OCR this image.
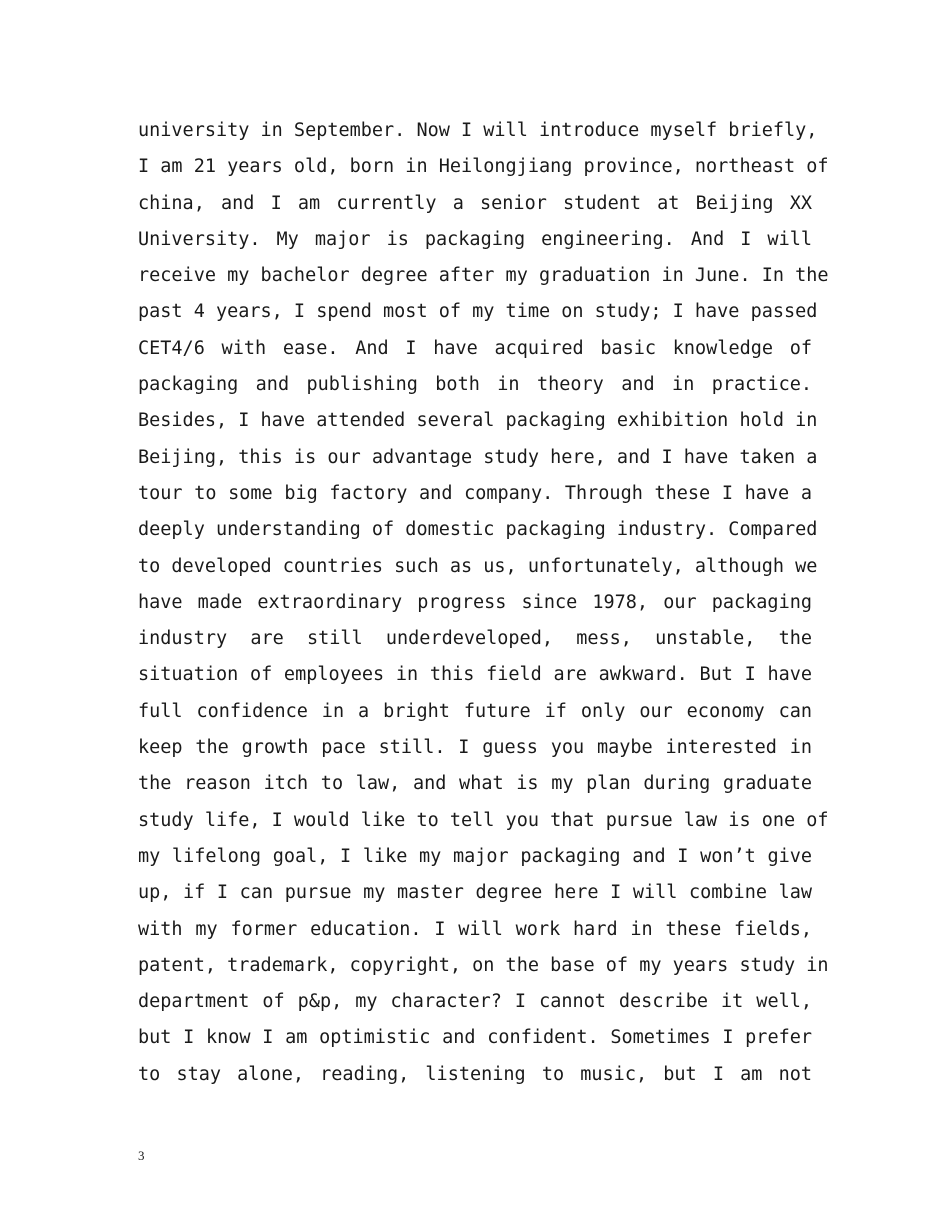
university in September. Now I will introduce myself briefly,
I am 21 years old, born in Heilongjiang province, northeast of
china, and I am currently a senior student at Beijing XX
University. My major is packaging engineering. And I will
receive my bachelor degree after my graduation in June. In the
past 4 years, I spend most of my time on study; I have passed
CET4/6 with ease. And I have acquired basic knowledge of
packaging and publishing both in theory and in practice.
Besides, I have attended several packaging exhibition hold in
Beijing, this is our advantage study here, and I have taken a
tour to some big factory and company. Through these I have a
deeply understanding of domestic packaging industry. Compared
to developed countries such as us, unfortunately, although we
have made extraordinary progress since 1978, our packaging
industry are still underdeveloped, mess, unstable, the
situation of employees in this field are awkward. But I have
full confidence in a bright future if only our economy can
keep the growth pace still. I guess you maybe interested in
the reason itch to law, and what is my plan during graduate
study life, I would like to tell you that pursue law is one of
my lifelong goal, I like my major packaging and I won’t give
up, if I can pursue my master degree here I will combine law
with my former education. I will work hard in these fields,
patent, trademark, copyright, on the base of my years study in
department of p&p, my character? I cannot describe it well,
but I know I am optimistic and confident. Sometimes I prefer
to stay alone, reading, listening to music, but I am not
3
